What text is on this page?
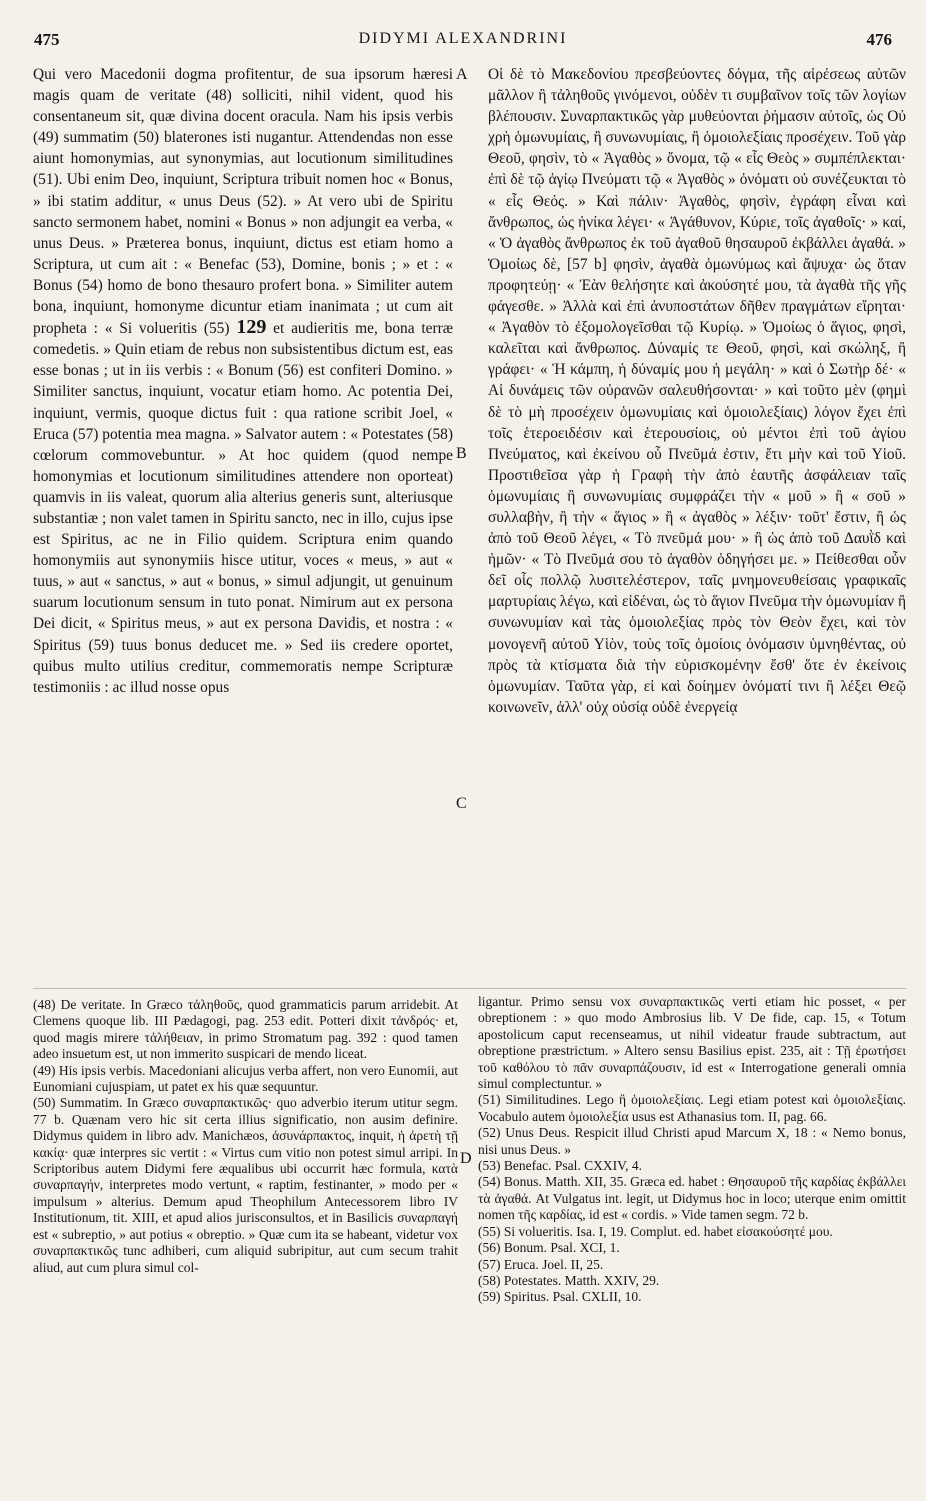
475	DIDYMI ALEXANDRINI	476
A
B
C
D

Qui vero Macedonii dogma profitentur, de sua ipsorum hæresi magis quam de veritate (48) solliciti, nihil vident, quod his consentaneum sit, quæ divina docent oracula. Nam his ipsis verbis (49) summatim (50) blaterones isti nugantur. Attendendas non esse aiunt homonymias, aut synonymias, aut locutionum similitudines (51). Ubi enim Deo, inquiunt, Scriptura tribuit nomen hoc « Bonus, » ibi statim additur, « unus Deus (52). » At vero ubi de Spiritu sancto sermonem habet, nomini « Bonus » non adjungit ea verba, « unus Deus. » Præterea bonus, inquiunt, dictus est etiam homo a Scriptura, ut cum ait : « Benefac (53), Domine, bonis ; » et : « Bonus (54) homo de bono thesauro profert bona. » Similiter autem bona, inquiunt, homonyme dicuntur etiam inanimata ; ut cum ait propheta : « Si volueritis (55) 129 et audieritis me, bona terræ comedetis. » Quin etiam de rebus non subsistentibus dictum est, eas esse bonas ; ut in iis verbis : « Bonum (56) est confiteri Domino. » Similiter sanctus, inquiunt, vocatur etiam homo. Ac potentia Dei, inquiunt, vermis, quoque dictus fuit : qua ratione scribit Joel, « Eruca (57) potentia mea magna. » Salvator autem : « Potestates (58) cœlorum commovebuntur. » At hoc quidem (quod nempe homonymias et locutionum similitudines attendere non oporteat) quamvis in iis valeat, quorum alia alterius generis sunt, alteriusque substantiæ ; non valet tamen in Spiritu sancto, nec in illo, cujus ipse est Spiritus, ac ne in Filio quidem. Scriptura enim quando homonymiis aut synonymiis hisce utitur, voces « meus, » aut « tuus, » aut « sanctus, » aut « bonus, » simul adjungit, ut genuinum suarum locutionum sensum in tuto ponat. Nimirum aut ex persona Dei dicit, « Spiritus meus, » aut ex persona Davidis, et nostra : « Spiritus (59) tuus bonus deducet me. » Sed iis credere oportet, quibus multo utilius creditur, commemoratis nempe Scripturæ testimoniis : ac illud nosse opus

Οἱ δὲ τὸ Μακεδονίου πρεσβεύοντες δόγμα, τῆς αἱρέσεως αὐτῶν μᾶλλον ἢ τἀληθοῦς γινόμενοι, οὐδὲν τι συμβαῖνον τοῖς τῶν λογίων βλέπουσιν. Συναρπακτικῶς γὰρ μυθεύονται ῥήμασιν αὐτοῖς, ὡς Οὐ χρὴ ὁμωνυμίαις, ἢ συνωνυμίαις, ἢ ὁμοιολεξίαις προσέχειν. Τοῦ γὰρ Θεοῦ, φησὶν, τὸ « Ἀγαθὸς » ὄνομα, τῷ « εἷς Θεὸς » συμπέπλεκται· ἐπὶ δὲ τῷ ἁγίῳ Πνεύματι τῷ « Ἀγαθὸς » ὀνόματι οὐ συνέζευκται τὸ « εἷς Θεός. » Καὶ πάλιν· Ἀγαθὸς, φησὶν, ἐγράφη εἶναι καὶ ἄνθρωπος, ὡς ἡνίκα λέγει· « Ἀγάθυνον, Κύριε, τοῖς ἀγαθοῖς· » καί, « Ὁ ἀγαθὸς ἄνθρωπος ἐκ τοῦ ἀγαθοῦ θησαυροῦ ἐκβάλλει ἀγαθά. » Ὁμοίως δὲ, [57 b] φησὶν, ἀγαθὰ ὁμωνύμως καὶ ἄψυχα· ὡς ὅταν προφητεύῃ· « Ἐὰν θελήσητε καὶ ἀκούσητέ μου, τὰ ἀγαθὰ τῆς γῆς φάγεσθε. » Ἀλλὰ καὶ ἐπὶ ἀνυποστάτων δῆθεν πραγμάτων εἴρηται· « Ἀγαθὸν τὸ ἐξομολογεῖσθαι τῷ Κυρίῳ. » Ὁμοίως ὁ ἅγιος, φησὶ, καλεῖται καὶ ἄνθρωπος. Δύναμίς τε Θεοῦ, φησὶ, καὶ σκώληξ, ἢ γράφει· « Ἡ κάμπη, ἡ δύναμίς μου ἡ μεγάλη· » καὶ ὁ Σωτὴρ δέ· « Αἱ δυνάμεις τῶν οὐρανῶν σαλευθήσονται· » καὶ τοῦτο μὲν (φημὶ δὲ τὸ μὴ προσέχειν ὁμωνυμίαις καὶ ὁμοιολεξίαις) λόγον ἔχει ἐπὶ τοῖς ἑτεροειδέσιν καὶ ἑτερουσίοις, οὐ μέντοι ἐπὶ τοῦ ἁγίου Πνεύματος, καὶ ἐκείνου οὗ Πνεῦμά ἐστιν, ἔτι μὴν καὶ τοῦ Υἱοῦ. Προστιθεῖσα γὰρ ἡ Γραφὴ τὴν ἀπὸ ἑαυτῆς ἀσφάλειαν ταῖς ὁμωνυμίαις ἢ συνωνυμίαις συμφράζει τὴν « μοῦ » ἢ « σοῦ » συλλαβὴν, ἢ τὴν « ἅγιος » ἢ « ἀγαθὸς » λέξιν· τοῦτ' ἔστιν, ἢ ὡς ἀπὸ τοῦ Θεοῦ λέγει, « Τὸ πνεῦμά μου· » ἢ ὡς ἀπὸ τοῦ Δαυῒδ καὶ ἡμῶν· « Τὸ Πνεῦμά σου τὸ ἀγαθὸν ὁδηγήσει με. » Πείθεσθαι οὖν δεῖ οἷς πολλῷ λυσιτελέστερον, ταῖς μνημονευθείσαις γραφικαῖς μαρτυρίαις λέγω, καὶ εἰδέναι, ὡς τὸ ἅγιον Πνεῦμα τὴν ὁμωνυμίαν ἢ συνωνυμίαν καὶ τὰς ὁμοιολεξίας πρὸς τὸν Θεὸν ἔχει, καὶ τὸν μονογενῆ αὐτοῦ Υἱὸν, τοὺς τοῖς ὁμοίοις ὀνόμασιν ὑμνηθέντας, οὐ πρὸς τὰ κτίσματα διὰ τὴν εὑρισκομένην ἔσθ' ὅτε ἐν ἐκείνοις ὁμωνυμίαν. Ταῦτα γὰρ, εἰ καὶ δοίημεν ὀνόματί τινι ἢ λέξει Θεῷ κοινωνεῖν, ἀλλ' οὐχ οὐσίᾳ οὐδὲ ἐνεργείᾳ

(48) De veritate. In Græco τἀληθοῦς, quod grammaticis parum arridebit. At Clemens quoque lib. III Pædagogi, pag. 253 edit. Potteri dixit τἀνδρός· et, quod magis mirere τἀλήθειαν, in primo Stromatum pag. 392 : quod tamen adeo insuetum est, ut non immerito suspicari de mendo liceat.

(49) His ipsis verbis. Macedoniani alicujus verba affert, non vero Eunomii, aut Eunomiani cujuspiam, ut patet ex his quæ sequuntur.

(50) Summatim. In Græco συναρπακτικῶς· quo adverbio iterum utitur segm. 77 b. Quænam vero hic sit certa illius significatio, non ausim definire. Didymus quidem in libro adv. Manichæos, ἀσυνάρπακτος, inquit, ἡ ἀρετὴ τῇ κακίᾳ· quæ interpres sic vertit : « Virtus cum vitio non potest simul arripi. In Scriptoribus autem Didymi fere æqualibus ubi occurrit hæc formula, κατὰ συναρπαγήν, interpretes modo vertunt, « raptim, festinanter, » modo per « impulsum » alterius. Demum apud Theophilum Antecessorem libro IV Institutionum, tit. XIII, et apud alios jurisconsultos, et in Basilicis συναρπαγή est « subreptio, » aut potius « obreptio. » Quæ cum ita se habeant, videtur vox συναρπακτικῶς tunc adhiberi, cum aliquid subripitur, aut cum secum trahit aliud, aut cum plura simul col-

ligantur. Primo sensu vox συναρπακτικῶς verti etiam hic posset, « per obreptionem : » quo modo Ambrosius lib. V De fide, cap. 15, « Totum apostolicum caput recenseamus, ut nihil videatur fraude subtractum, aut obreptione præstrictum. » Altero sensu Basilius epist. 235, ait : Τῇ ἐρωτήσει τοῦ καθόλου τὸ πᾶν συναρπάζουσιν, id est « Interrogatione generali omnia simul complectuntur. »

(51) Similitudines. Lego ἢ ὁμοιολεξίαις. Legi etiam potest καὶ ὁμοιολεξίαις. Vocabulo autem ὁμοιολεξία usus est Athanasius tom. II, pag. 66.

(52) Unus Deus. Respicit illud Christi apud Marcum X, 18 : « Nemo bonus, nisi unus Deus. »

(53) Benefac. Psal. CXXIV, 4.

(54) Bonus. Matth. XII, 35. Græca ed. habet : Θησαυροῦ τῆς καρδίας ἐκβάλλει τὰ ἀγαθά. At Vulgatus int. legit, ut Didymus hoc in loco; uterque enim omittit nomen τῆς καρδίας, id est « cordis. » Vide tamen segm. 72 b.

(55) Si volueritis. Isa. I, 19. Complut. ed. habet εἰσακούσητέ μου.

(56) Bonum. Psal. XCI, 1.

(57) Eruca. Joel. II, 25.

(58) Potestates. Matth. XXIV, 29.

(59) Spiritus. Psal. CXLII, 10.
